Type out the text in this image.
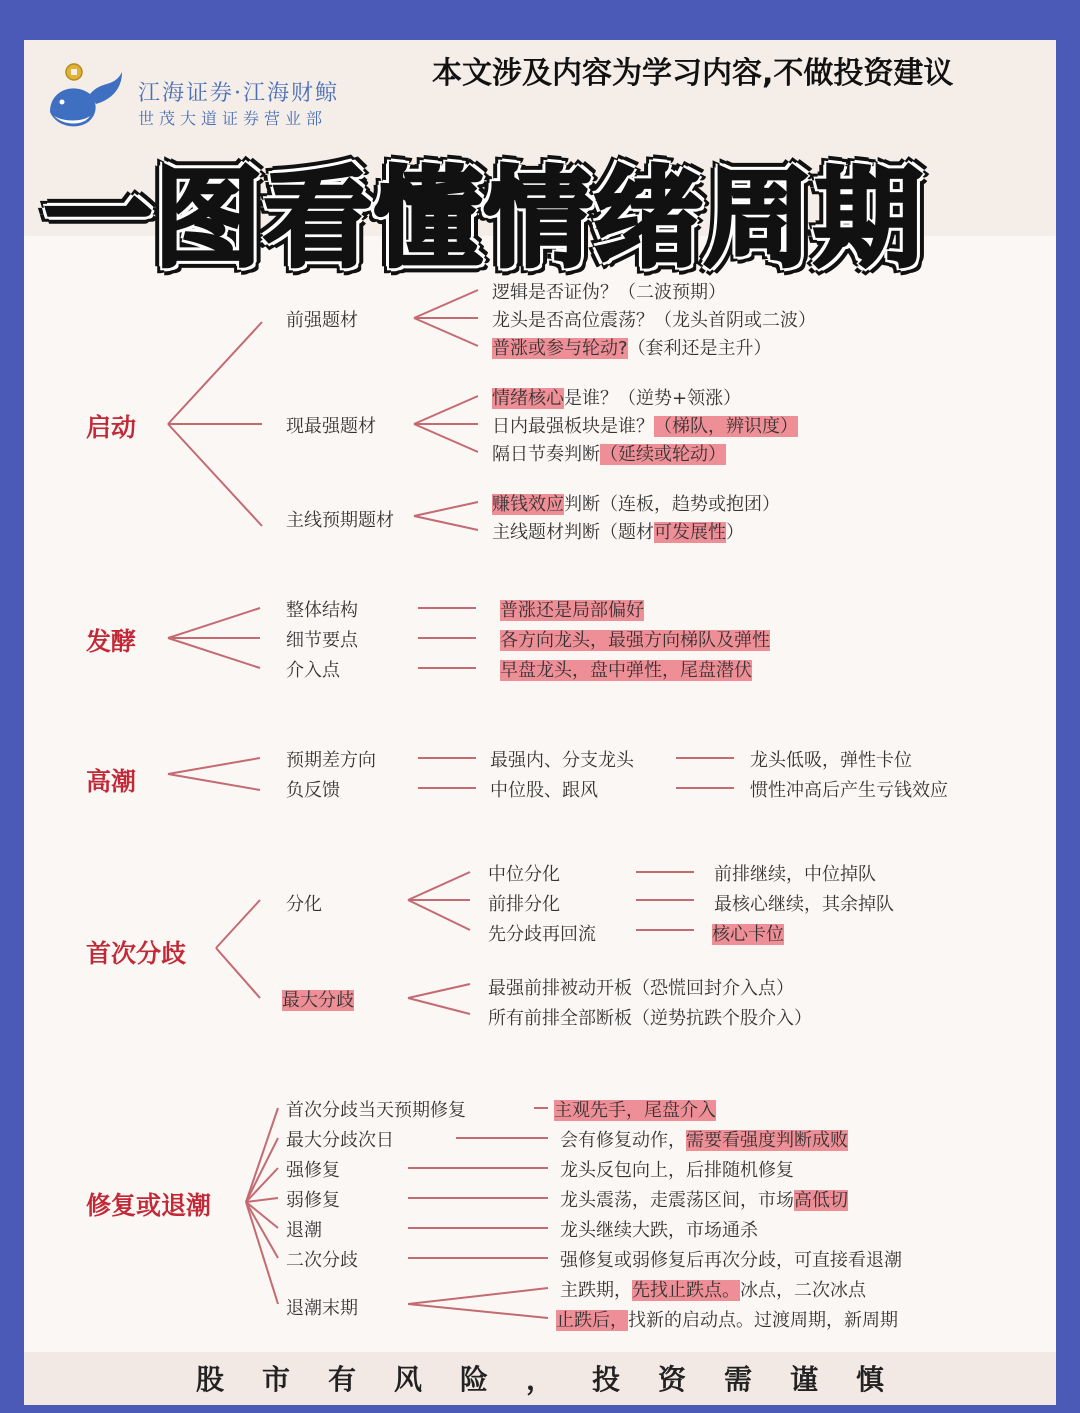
江海证券·江海财鲸
世茂大道证券营业部
本文涉及内容为学习内容,不做投资建议
一图看懂情绪周期
启动
前强题材
现最强题材
主线预期题材
逻辑是否证伪？（二波预期）
龙头是否高位震荡？（龙头首阴或二波）
普涨或参与轮动?（套利还是主升）
情绪核心是谁？（逆势+领涨）
日内最强板块是谁？（梯队，辨识度）
隔日节奏判断（延续或轮动）
赚钱效应判断（连板，趋势或抱团）
主线题材判断（题材可发展性）
发酵
整体结构
细节要点
介入点
普涨还是局部偏好
各方向龙头，最强方向梯队及弹性
早盘龙头，盘中弹性，尾盘潜伏
高潮
预期差方向
负反馈
最强内、分支龙头
中位股、跟风
龙头低吸，弹性卡位
惯性冲高后产生亏钱效应
首次分歧
分化
最大分歧
中位分化
前排分化
先分歧再回流
前排继续，中位掉队
最核心继续，其余掉队
核心卡位
最强前排被动开板（恐慌回封介入点）
所有前排全部断板（逆势抗跌个股介入）
修复或退潮
首次分歧当天预期修复
最大分歧次日
强修复
弱修复
退潮
二次分歧
退潮末期
主观先手，尾盘介入
会有修复动作，需要看强度判断成败
龙头反包向上，后排随机修复
龙头震荡，走震荡区间，市场高低切
龙头继续大跌，市场通杀
强修复或弱修复后再次分歧，可直接看退潮
主跌期，先找止跌点。冰点，二次冰点
止跌后，找新的启动点。过渡周期，新周期
股 市 有 风 险 ， 投 资 需 谨 慎
